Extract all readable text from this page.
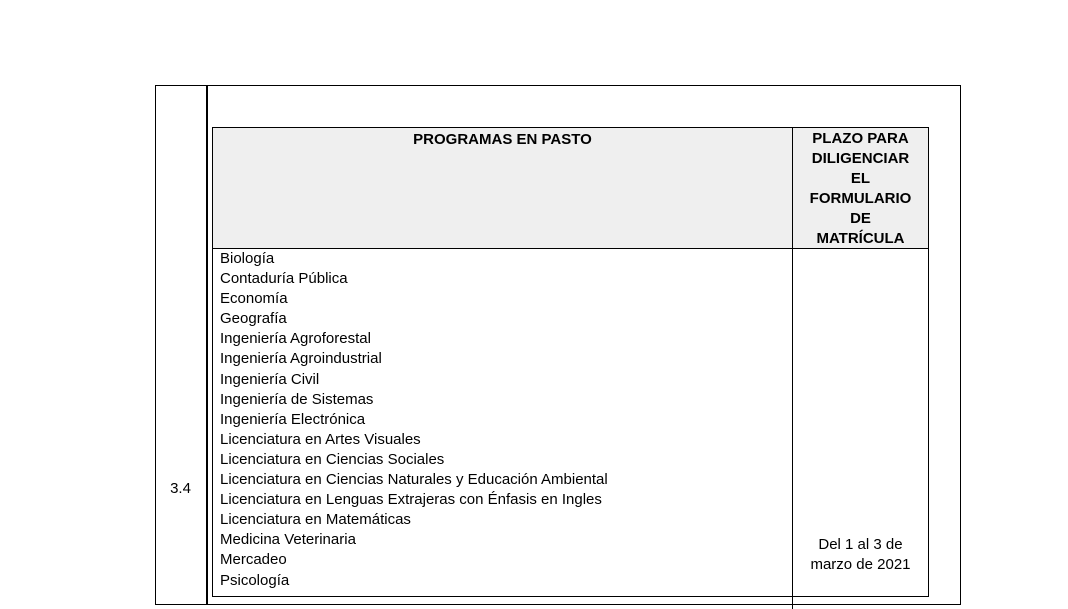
3.4
PROGRAMAS EN PASTO	PLAZO PARA
DILIGENCIAR
EL
FORMULARIO
DE
MATRÍCULA
Biología
Contaduría Pública
Economía
Geografía
Ingeniería Agroforestal
Ingeniería Agroindustrial
Ingeniería Civil
Ingeniería de Sistemas
Ingeniería Electrónica
Licenciatura en Artes Visuales
Licenciatura en Ciencias Sociales
Licenciatura en Ciencias Naturales y Educación Ambiental
Licenciatura en Lenguas Extrajeras con Énfasis en Ingles
Licenciatura en Matemáticas
Medicina Veterinaria
Mercadeo
Psicología
Del 1 al 3 de
marzo de 2021
